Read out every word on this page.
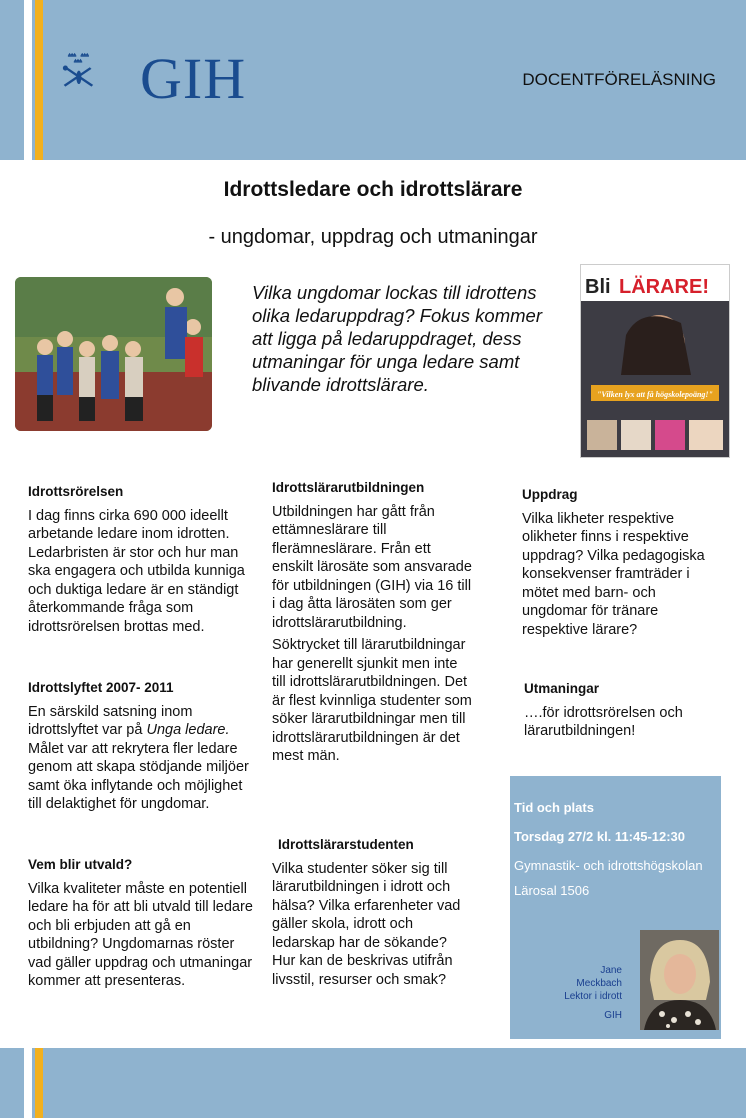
GIH	DOCENTFÖRELÄSNING
Idrottsledare och idrottslärare
- ungdomar, uppdrag och utmaningar
Vilka ungdomar lockas till idrottens olika ledaruppdrag? Fokus kommer att ligga på ledaruppdraget, dess utmaningar för unga ledare samt blivande idrottslärare.
Bli LÄRARE!
"Vilken lyx att få högskolepoäng!"
Idrottsrörelsen

I dag finns cirka 690 000 ideellt arbetande ledare inom idrotten. Ledarbristen är stor och hur man ska engagera och utbilda kunniga och duktiga ledare är en ständigt återkommande fråga som idrottsrörelsen brottas med.

Idrottslyftet 2007- 2011

En särskild satsning inom idrottslyftet var på Unga ledare. Målet var att rekrytera fler ledare genom att skapa stödjande miljöer samt öka inflytande och möjlighet till delaktighet för ungdomar.

Vem blir utvald?

Vilka kvaliteter måste en potentiell ledare ha för att bli utvald till ledare och bli erbjuden att gå en utbildning? Ungdomarnas röster vad gäller uppdrag och utmaningar kommer att presenteras.

Idrottslärarutbildningen

Utbildningen har gått från ettämneslärare till flerämneslärare. Från ett enskilt lärosäte som ansvarade för utbildningen (GIH) via 16 till i dag åtta lärosäten som ger idrottslärarutbildning.

Söktrycket till lärarutbildningar har generellt sjunkit men inte till idrottslärarutbildningen. Det är flest kvinnliga studenter som söker lärarutbildningar men till idrottslärarutbildningen är det mest män.

Idrottslärarstudenten

Vilka studenter söker sig till lärarutbildningen i idrott och hälsa? Vilka erfarenheter vad gäller skola, idrott och ledarskap har de sökande? Hur kan de beskrivas utifrån livsstil, resurser och smak?

Uppdrag

Vilka likheter respektive olikheter finns i respektive uppdrag? Vilka pedagogiska konsekvenser framträder i mötet med barn- och ungdomar för tränare respektive lärare?

Utmaningar

….för idrottsrörelsen och lärarutbildningen!

Tid och plats
Torsdag 27/2 kl. 11:45-12:30
Gymnastik- och idrottshögskolan
Lärosal 1506
Jane
Meckbach
Lektor i idrott
GIH
